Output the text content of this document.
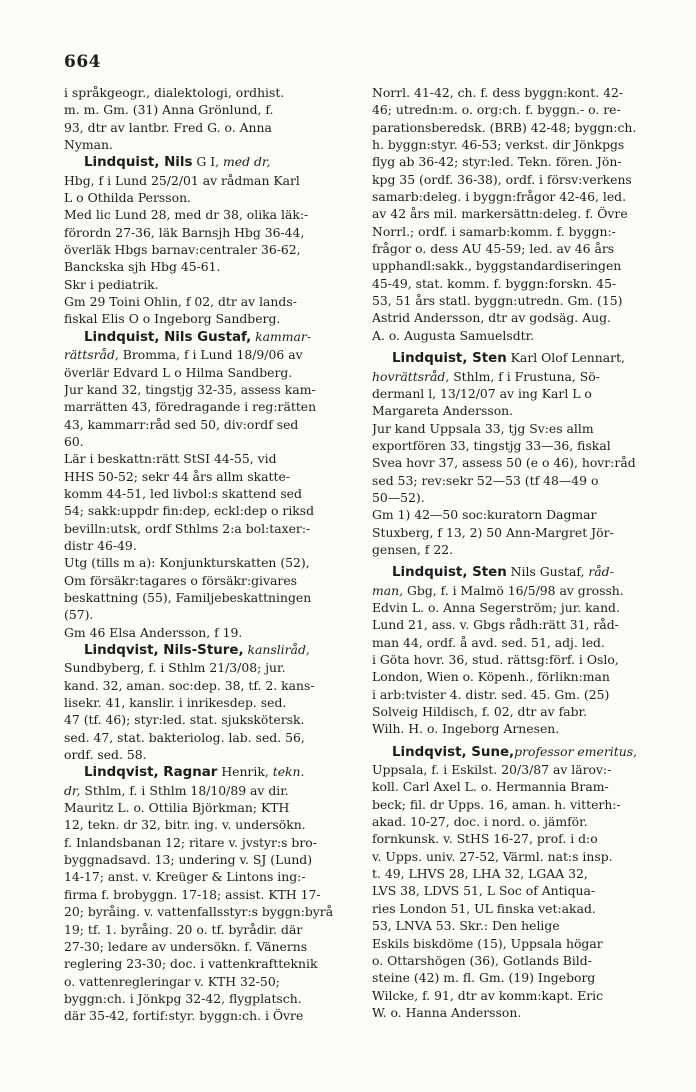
664
i språkgeogr., dialektologi, ordhist.
m. m. Gm. (31) Anna Grönlund, f.
93, dtr av lantbr. Fred G. o. Anna
Nyman.
Lindquist, Nils G I, med dr,
Hbg, f i Lund 25/2/01 av rådman Karl
L o Othilda Persson.
Med lic Lund 28, med dr 38, olika läk:-
förordn 27-36, läk Barnsjh Hbg 36-44,
överläk Hbgs barnav:centraler 36-62,
Banckska sjh Hbg 45-61.
Skr i pediatrik.
Gm 29 Toini Ohlin, f 02, dtr av lands-
fiskal Elis O o Ingeborg Sandberg.
Lindquist, Nils Gustaf, kammar-
rättsråd, Bromma, f i Lund 18/9/06 av
överlär Edvard L o Hilma Sandberg.
Jur kand 32, tingstjg 32-35, assess kam-
marrätten 43, föredragande i reg:rätten
43, kammarr:råd sed 50, div:ordf sed
60.
Lär i beskattn:rätt StSI 44-55, vid
HHS 50-52; sekr 44 års allm skatte-
komm 44-51, led livbol:s skattend sed
54; sakk:uppdr fin:dep, eckl:dep o riksd
bevilln:utsk, ordf Sthlms 2:a bol:taxer:-
distr 46-49.
Utg (tills m a): Konjunkturskatten (52),
Om försäkr:tagares o försäkr:givares
beskattning (55), Familjebeskattningen
(57).
Gm 46 Elsa Andersson, f 19.
Lindqvist, Nils-Sture, kansliråd,
Sundbyberg, f. i Sthlm 21/3/08; jur.
kand. 32, aman. soc:dep. 38, tf. 2. kans-
lisekr. 41, kanslir. i inrikesdep. sed.
47 (tf. 46); styr:led. stat. sjukskötersk.
sed. 47, stat. bakteriolog. lab. sed. 56,
ordf. sed. 58.
Lindqvist, Ragnar Henrik, tekn.
dr, Sthlm, f. i Sthlm 18/10/89 av dir.
Mauritz L. o. Ottilia Björkman; KTH
12, tekn. dr 32, bitr. ing. v. undersökn.
f. Inlandsbanan 12; ritare v. jvstyr:s bro-
byggnadsavd. 13; undering v. SJ (Lund)
14-17; anst. v. Kreüger & Lintons ing:-
firma f. brobyggn. 17-18; assist. KTH 17-
20; byråing. v. vattenfallsstyr:s byggn:byrå
19; tf. 1. byråing. 20 o. tf. byrådir. där
27-30; ledare av undersökn. f. Vänerns
reglering 23-30; doc. i vattenkraftteknik
o. vattenregleringar v. KTH 32-50;
byggn:ch. i Jönkpg 32-42, flygplatsch.
där 35-42, fortif:styr. byggn:ch. i Övre
Norrl. 41-42, ch. f. dess byggn:kont. 42-
46; utredn:m. o. org:ch. f. byggn.- o. re-
parationsberedsk. (BRB) 42-48; byggn:ch.
h. byggn:styr. 46-53; verkst. dir Jönkpgs
flyg ab 36-42; styr:led. Tekn. fören. Jön-
kpg 35 (ordf. 36-38), ordf. i försv:verkens
samarb:deleg. i byggn:frågor 42-46, led.
av 42 års mil. markersättn:deleg. f. Övre
Norrl.; ordf. i samarb:komm. f. byggn:-
frågor o. dess AU 45-59; led. av 46 års
upphandl:sakk., byggstandardiseringen
45-49, stat. komm. f. byggn:forskn. 45-
53, 51 års statl. byggn:utredn. Gm. (15)
Astrid Andersson, dtr av godsäg. Aug.
A. o. Augusta Samuelsdtr.
Lindquist, Sten Karl Olof Lennart,
hovrättsråd, Sthlm, f i Frustuna, Sö-
dermanl l, 13/12/07 av ing Karl L o
Margareta Andersson.
Jur kand Uppsala 33, tjg Sv:es allm
exportfören 33, tingstjg 33—36, fiskal
Svea hovr 37, assess 50 (e o 46), hovr:råd
sed 53; rev:sekr 52—53 (tf 48—49 o
50—52).
Gm 1) 42—50 soc:kuratorn Dagmar
Stuxberg, f 13, 2) 50 Ann-Margret Jör-
gensen, f 22.
Lindquist, Sten Nils Gustaf, råd-
man, Gbg, f. i Malmö 16/5/98 av grossh.
Edvin L. o. Anna Segerström; jur. kand.
Lund 21, ass. v. Gbgs rådh:rätt 31, råd-
man 44, ordf. å avd. sed. 51, adj. led.
i Göta hovr. 36, stud. rättsg:förf. i Oslo,
London, Wien o. Köpenh., förlikn:man
i arb:tvister 4. distr. sed. 45. Gm. (25)
Solveig Hildisch, f. 02, dtr av fabr.
Wilh. H. o. Ingeborg Arnesen.
Lindqvist, Sune,professor emeritus,
Uppsala, f. i Eskilst. 20/3/87 av lärov:-
koll. Carl Axel L. o. Hermannia Bram-
beck; fil. dr Upps. 16, aman. h. vitterh:-
akad. 10-27, doc. i nord. o. jämför.
fornkunsk. v. StHS 16-27, prof. i d:o
v. Upps. univ. 27-52, Värml. nat:s insp.
t. 49, LHVS 28, LHA 32, LGAA 32,
LVS 38, LDVS 51, L Soc of Antiqua-
ries London 51, UL finska vet:akad.
53, LNVA 53. Skr.: Den helige
Eskils biskdöme (15), Uppsala högar
o. Ottarshögen (36), Gotlands Bild-
steine (42) m. fl. Gm. (19) Ingeborg
Wilcke, f. 91, dtr av komm:kapt. Eric
W. o. Hanna Andersson.
